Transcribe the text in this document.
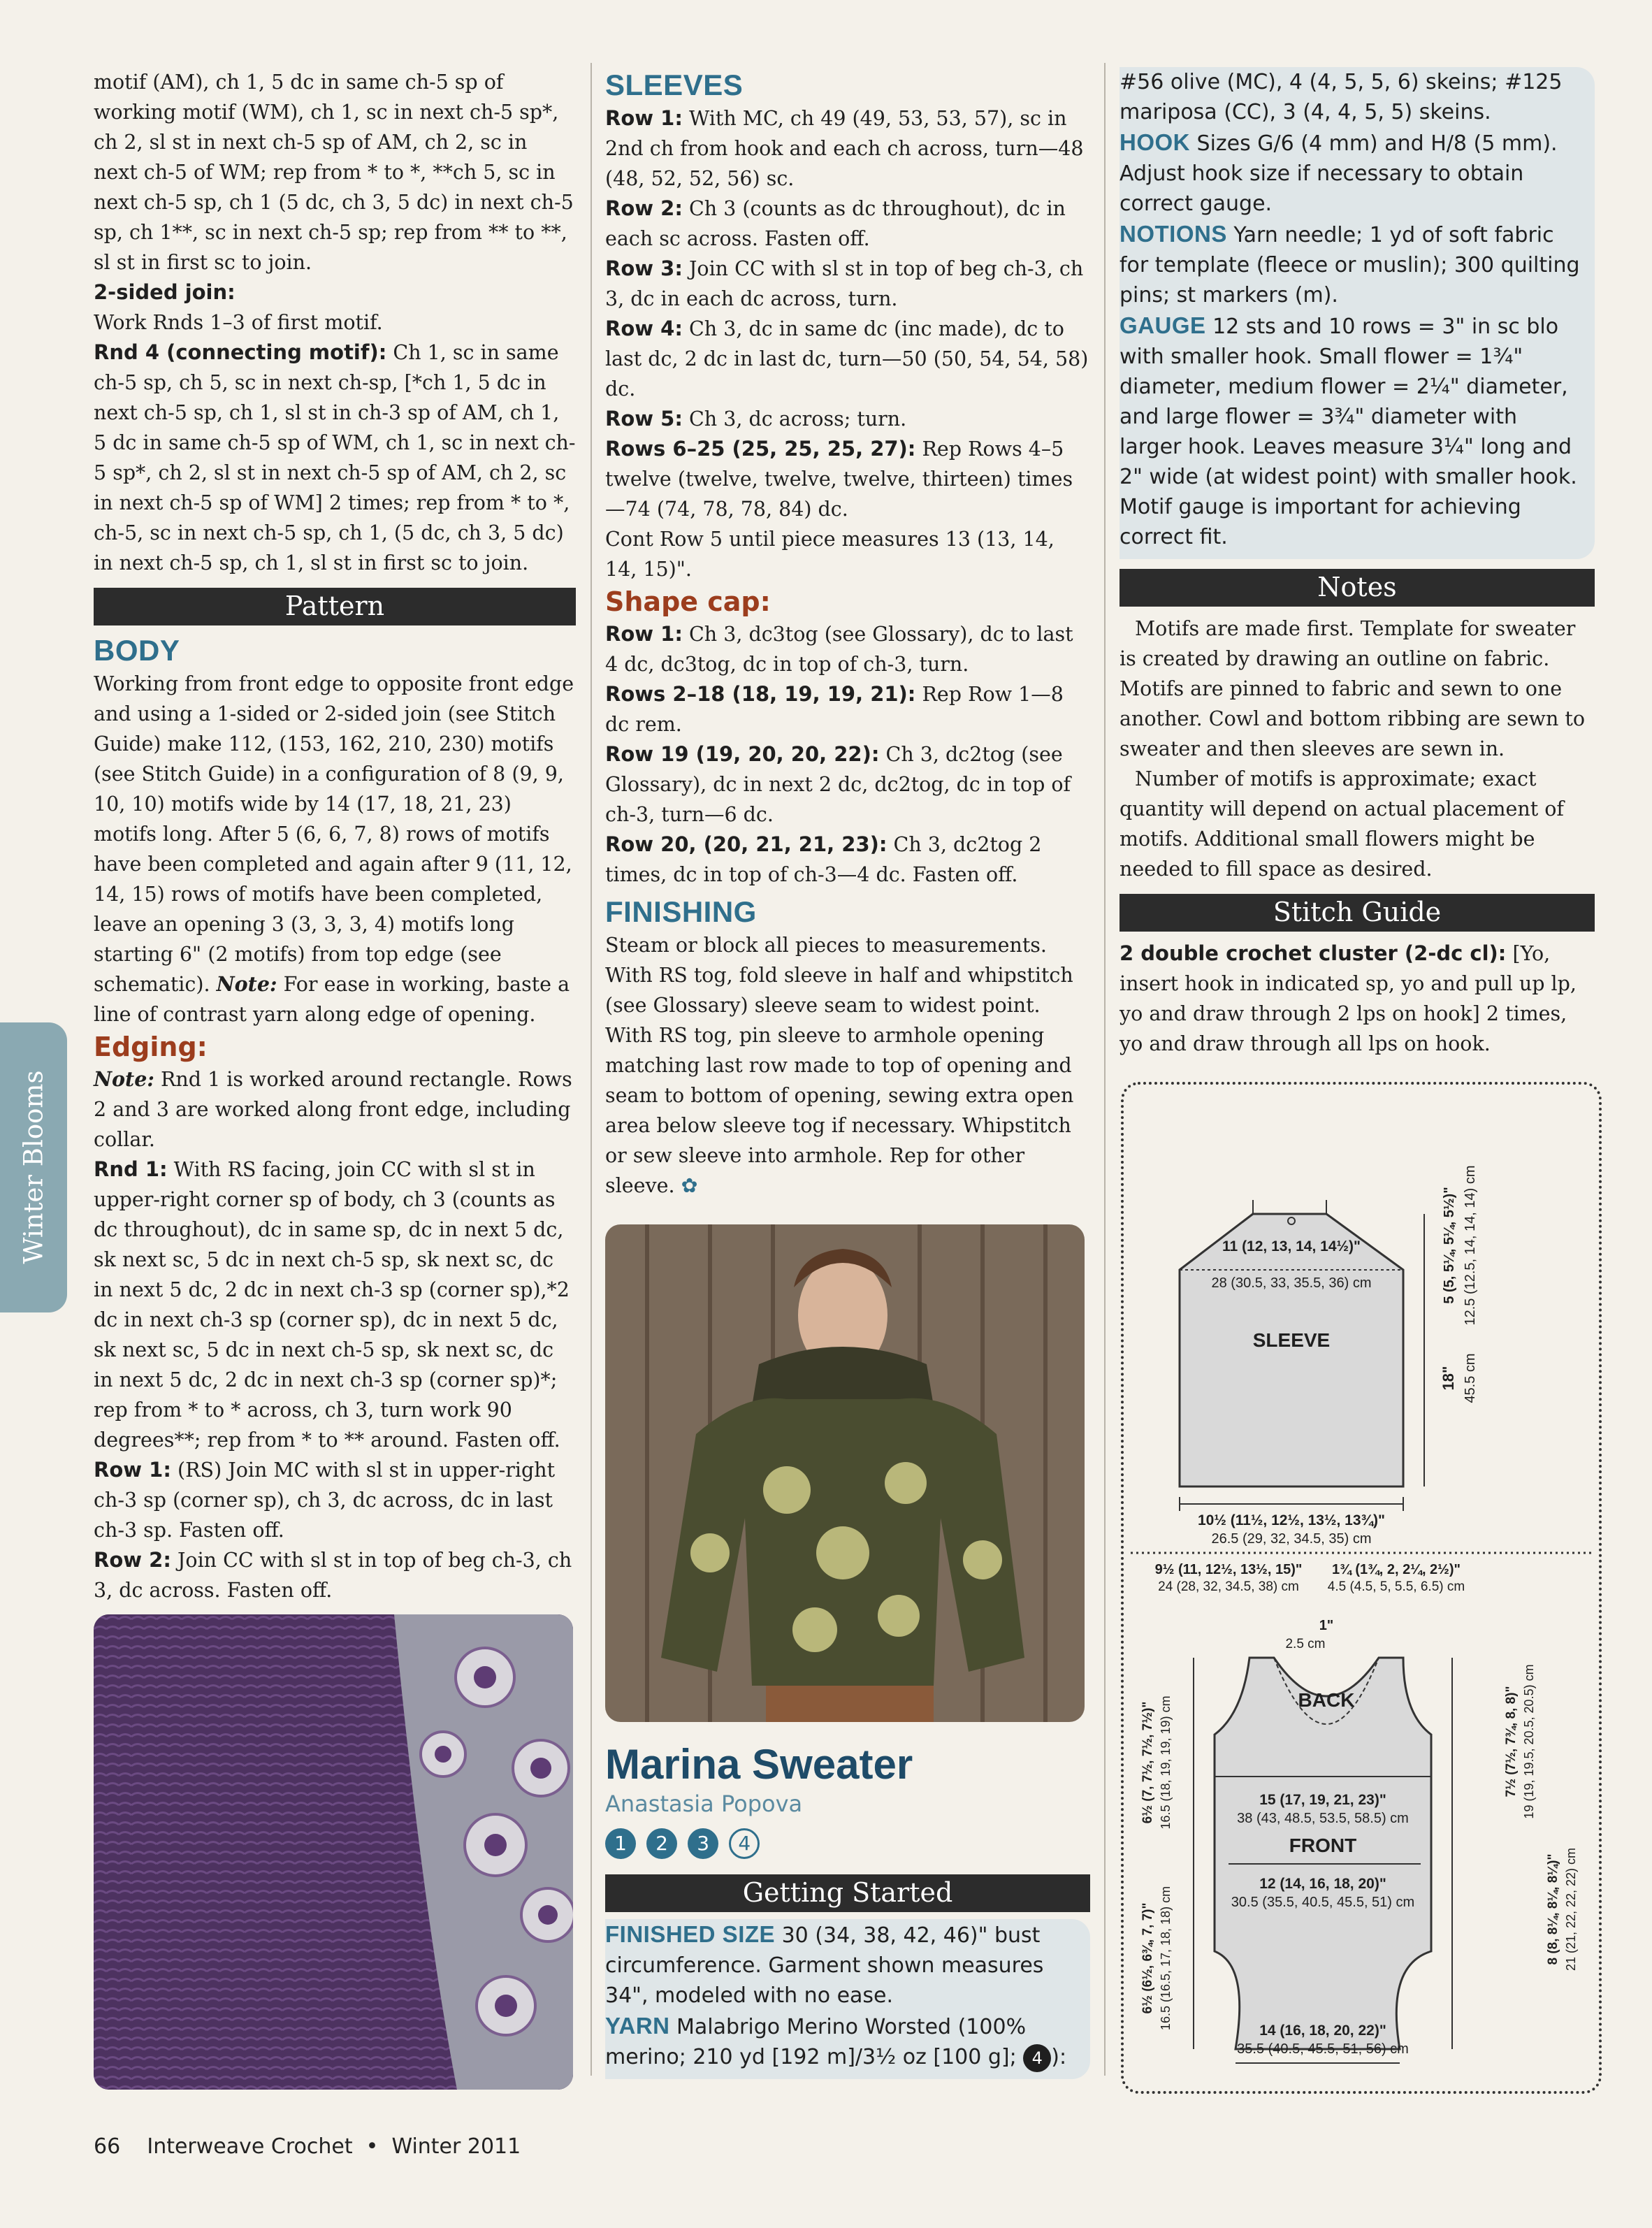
Winter Blooms

motif (AM), ch 1, 5 dc in same ch-5 sp of working motif (WM), ch 1, sc in next ch-5 sp*, ch 2, sl st in next ch-5 sp of AM, ch 2, sc in next ch-5 of WM; rep from * to *, **ch 5, sc in next ch-5 sp, ch 1 (5 dc, ch 3, 5 dc) in next ch-5 sp, ch 1**, sc in next ch-5 sp; rep from ** to **, sl st in first sc to join.

2-sided join:
Work Rnds 1–3 of first motif.

Rnd 4 (connecting motif): Ch 1, sc in same ch-5 sp, ch 5, sc in next ch-sp, [*ch 1, 5 dc in next ch-5 sp, ch 1, sl st in ch-3 sp of AM, ch 1, 5 dc in same ch-5 sp of WM, ch 1, sc in next ch-5 sp*, ch 2, sl st in next ch-5 sp of AM, ch 2, sc in next ch-5 sp of WM] 2 times; rep from * to *, ch-5, sc in next ch-5 sp, ch 1, (5 dc, ch 3, 5 dc) in next ch-5 sp, ch 1, sl st in first sc to join.

Pattern
BODY

Working from front edge to opposite front edge and using a 1-sided or 2-sided join (see Stitch Guide) make 112, (153, 162, 210, 230) motifs (see Stitch Guide) in a configuration of 8 (9, 9, 10, 10) motifs wide by 14 (17, 18, 21, 23) motifs long. After 5 (6, 6, 7, 8) rows of motifs have been completed and again after 9 (11, 12, 14, 15) rows of motifs have been completed, leave an opening 3 (3, 3, 3, 4) motifs long starting 6" (2 motifs) from top edge (see schematic). Note: For ease in working, baste a line of contrast yarn along edge of opening.

Edging:

Note: Rnd 1 is worked around rectangle. Rows 2 and 3 are worked along front edge, including collar.

Rnd 1: With RS facing, join CC with sl st in upper-right corner sp of body, ch 3 (counts as dc throughout), dc in same sp, dc in next 5 dc, sk next sc, 5 dc in next ch-5 sp, sk next sc, dc in next 5 dc, 2 dc in next ch-3 sp (corner sp),*2 dc in next ch-3 sp (corner sp), dc in next 5 dc, sk next sc, 5 dc in next ch-5 sp, sk next sc, dc in next 5 dc, 2 dc in next ch-3 sp (corner sp)*; rep from * to * across, ch 3, turn work 90 degrees**; rep from * to ** around. Fasten off.

Row 1: (RS) Join MC with sl st in upper-right ch-3 sp (corner sp), ch 3, dc across, dc in last ch-3 sp. Fasten off.

Row 2: Join CC with sl st in top of beg ch-3, ch 3, dc across. Fasten off.

SLEEVES

Row 1: With MC, ch 49 (49, 53, 53, 57), sc in 2nd ch from hook and each ch across, turn—48 (48, 52, 52, 56) sc.

Row 2: Ch 3 (counts as dc throughout), dc in each sc across. Fasten off.

Row 3: Join CC with sl st in top of beg ch-3, ch 3, dc in each dc across, turn.

Row 4: Ch 3, dc in same dc (inc made), dc to last dc, 2 dc in last dc, turn—50 (50, 54, 54, 58) dc.

Row 5: Ch 3, dc across; turn.

Rows 6–25 (25, 25, 25, 27): Rep Rows 4–5 twelve (twelve, twelve, twelve, thirteen) times—74 (74, 78, 78, 84) dc.

Cont Row 5 until piece measures 13 (13, 14, 14, 15)".

Shape cap:

Row 1: Ch 3, dc3tog (see Glossary), dc to last 4 dc, dc3tog, dc in top of ch-3, turn.

Rows 2–18 (18, 19, 19, 21): Rep Row 1—8 dc rem.

Row 19 (19, 20, 20, 22): Ch 3, dc2tog (see Glossary), dc in next 2 dc, dc2tog, dc in top of ch-3, turn—6 dc.

Row 20, (20, 21, 21, 23): Ch 3, dc2tog 2 times, dc in top of ch-3—4 dc. Fasten off.

FINISHING

Steam or block all pieces to measurements. With RS tog, fold sleeve in half and whipstitch (see Glossary) sleeve seam to widest point. With RS tog, pin sleeve to armhole opening matching last row made to top of opening and seam to bottom of opening, sewing extra open area below sleeve tog if necessary. Whipstitch or sew sleeve into armhole. Rep for other sleeve. ✿

Marina Sweater
Anastasia Popova
1 2 3 4
Getting Started

FINISHED SIZE 30 (34, 38, 42, 46)" bust circumference. Garment shown measures 34", modeled with no ease.

YARN Malabrigo Merino Worsted (100% merino; 210 yd [192 m]/3½ oz [100 g]; 4 ):

#56 olive (MC), 4 (4, 5, 5, 6) skeins; #125 mariposa (CC), 3 (4, 4, 5, 5) skeins.

HOOK Sizes G/6 (4 mm) and H/8 (5 mm). Adjust hook size if necessary to obtain correct gauge.

NOTIONS Yarn needle; 1 yd of soft fabric for template (fleece or muslin); 300 quilting pins; st markers (m).

GAUGE 12 sts and 10 rows = 3" in sc blo with smaller hook. Small flower = 1¾" diameter, medium flower = 2¼" diameter, and large flower = 3¾" diameter with larger hook. Leaves measure 3¼" long and 2" wide (at widest point) with smaller hook. Motif gauge is important for achieving correct fit.

Notes

Motifs are made first. Template for sweater is created by drawing an outline on fabric. Motifs are pinned to fabric and sewn to one another. Cowl and bottom ribbing are sewn to sweater and then sleeves are sewn in.

Number of motifs is approximate; exact quantity will depend on actual placement of motifs. Additional small flowers might be needed to fill space as desired.

Stitch Guide

2 double crochet cluster (2-dc cl): [Yo, insert hook in indicated sp, yo and pull up lp, yo and draw through 2 lps on hook] 2 times, yo and draw through all lps on hook.

11 (12, 13, 14, 14½)"
28 (30.5, 33, 35.5, 36) cm
SLEEVE
10½ (11½, 12½, 13½, 13¾)"
26.5 (29, 32, 34.5, 35) cm
5 (5, 5¼, 5¼, 5½)" 12.5 (12.5, 14, 14, 14) cm
18" 45.5 cm
9½ (11, 12½, 13½, 15)"
24 (28, 32, 34.5, 38) cm
1¾ (1¾, 2, 2¼, 2½)"
4.5 (4.5, 5, 5.5, 6.5) cm
1"
2.5 cm
BACK
15 (17, 19, 21, 23)"
38 (43, 48.5, 53.5, 58.5) cm
FRONT
12 (14, 16, 18, 20)"
30.5 (35.5, 40.5, 45.5, 51) cm
14 (16, 18, 20, 22)"
35.5 (40.5, 45.5, 51, 56) cm
6½ (7, 7½, 7½, 7½)" 16.5 (18, 19, 19, 19) cm
6½ (6½, 6¾, 7, 7)" 16.5 (16.5, 17, 18, 18) cm
7½ (7½, 7¾, 8, 8)" 19 (19, 19.5, 20.5, 20.5) cm
8 (8, 8¼, 8¼, 8¼)" 21 (21, 22, 22, 22) cm
66 Interweave Crochet  •  Winter 2011
